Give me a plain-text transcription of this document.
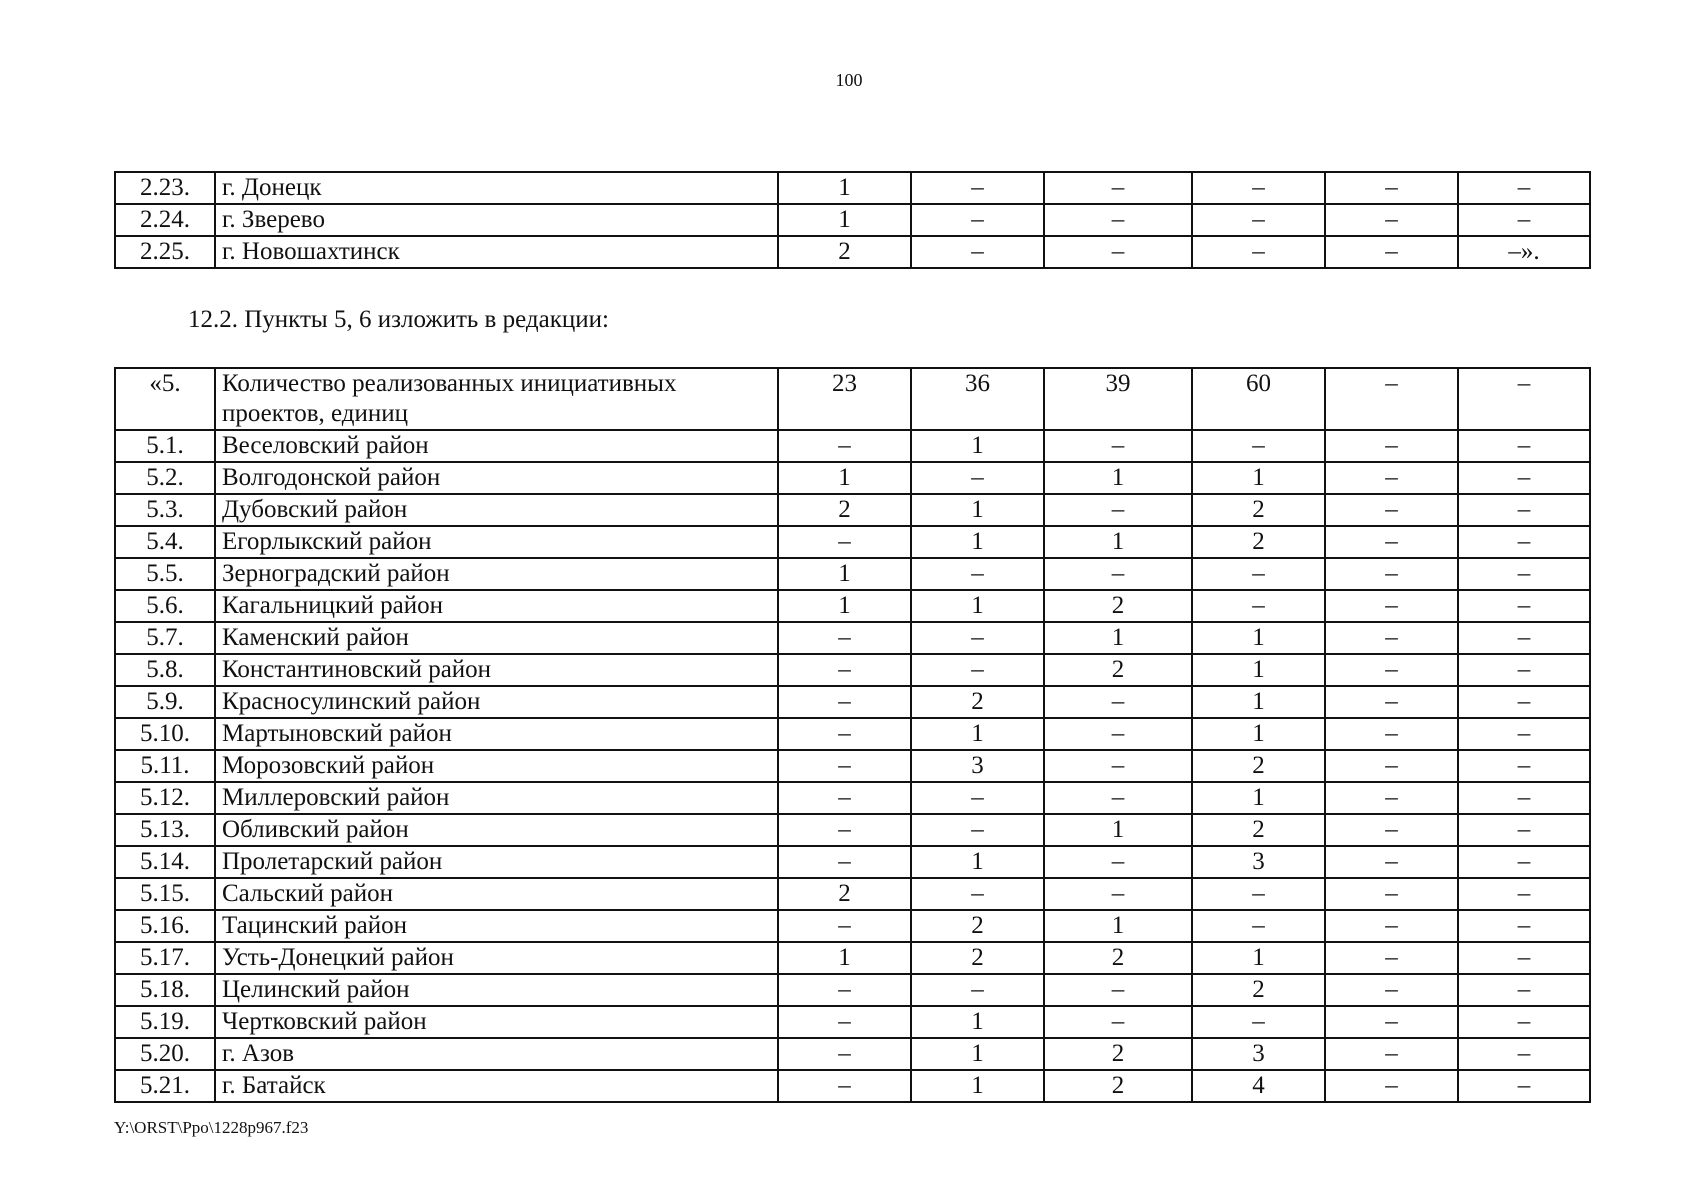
100
2.23.	г. Донецк	1	–	–	–	–	–
2.24.	г. Зверево	1	–	–	–	–	–
2.25.	г. Новошахтинск	2	–	–	–	–	–».
12.2. Пункты 5, 6 изложить в редакции:
«5.	Количество реализованных инициативных проектов, единиц	23	36	39	60	–	–
5.1.	Веселовский район	–	1	–	–	–	–
5.2.	Волгодонской район	1	–	1	1	–	–
5.3.	Дубовский район	2	1	–	2	–	–
5.4.	Егорлыкский район	–	1	1	2	–	–
5.5.	Зерноградский район	1	–	–	–	–	–
5.6.	Кагальницкий район	1	1	2	–	–	–
5.7.	Каменский район	–	–	1	1	–	–
5.8.	Константиновский район	–	–	2	1	–	–
5.9.	Красносулинский район	–	2	–	1	–	–
5.10.	Мартыновский район	–	1	–	1	–	–
5.11.	Морозовский район	–	3	–	2	–	–
5.12.	Миллеровский район	–	–	–	1	–	–
5.13.	Обливский район	–	–	1	2	–	–
5.14.	Пролетарский район	–	1	–	3	–	–
5.15.	Сальский район	2	–	–	–	–	–
5.16.	Тацинский район	–	2	1	–	–	–
5.17.	Усть-Донецкий район	1	2	2	1	–	–
5.18.	Целинский район	–	–	–	2	–	–
5.19.	Чертковский район	–	1	–	–	–	–
5.20.	г. Азов	–	1	2	3	–	–
5.21.	г. Батайск	–	1	2	4	–	–
Y:\ORST\Ppo\1228p967.f23
